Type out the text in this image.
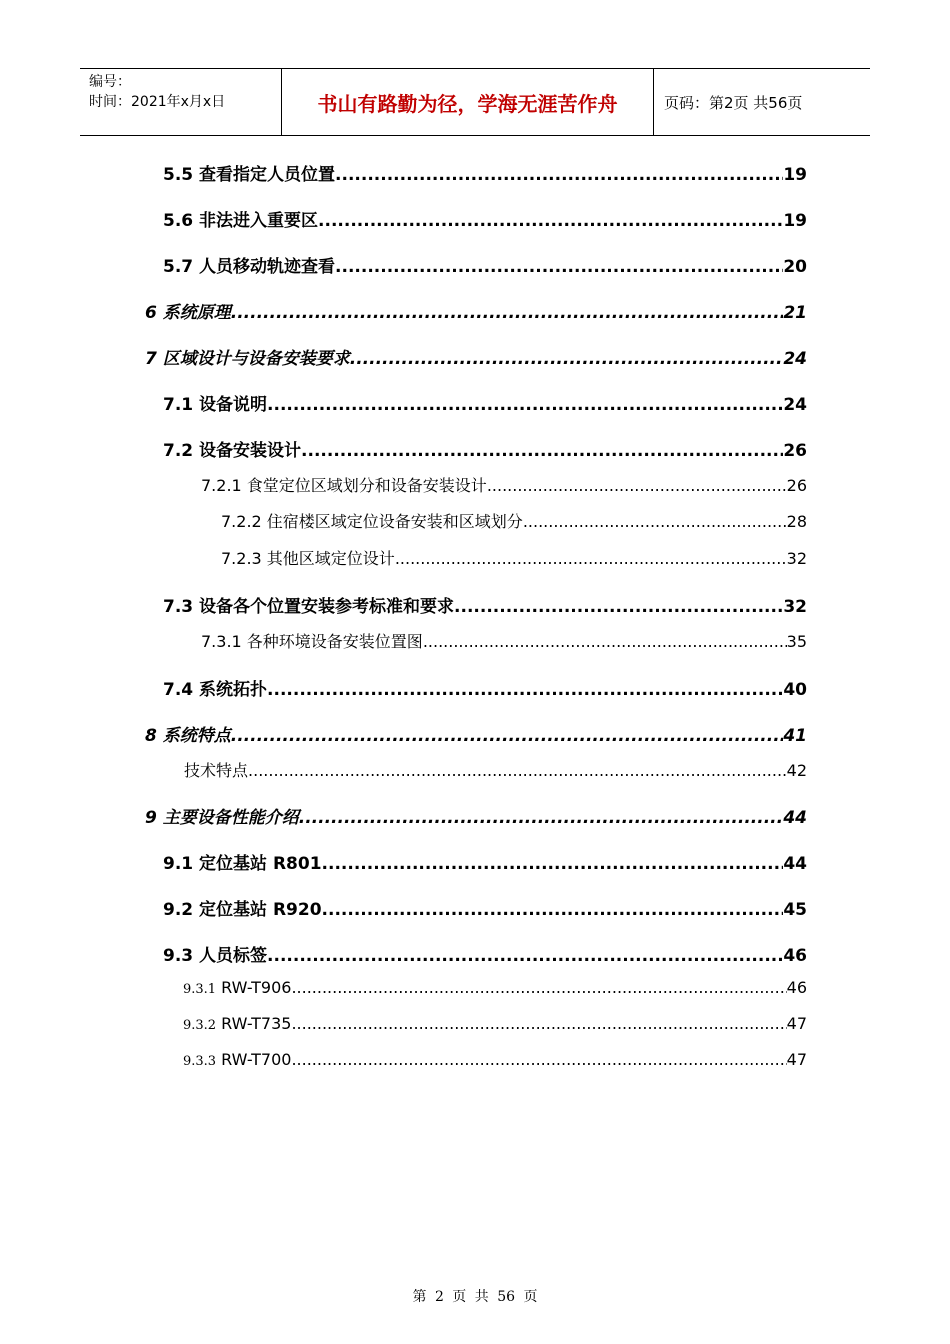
编号：
时间：2021年x月x日	书山有路勤为径，学海无涯苦作舟	页码：第2页 共56页
5.5 查看指定人员位置 .....	19
5.6 非法进入重要区 .....	19
5.7 人员移动轨迹查看 .....	20
6 系统原理 .....	21
7 区域设计与设备安装要求 .....	24
7.1 设备说明 .....	24
7.2 设备安装设计 .....	26
7.2.1 食堂定位区域划分和设备安装设计 .....	26
7.2.2 住宿楼区域定位设备安装和区域划分 .....	28
7.2.3 其他区域定位设计 .....	32
7.3 设备各个位置安装参考标准和要求 .....	32
7.3.1 各种环境设备安装位置图 .....	35
7.4 系统拓扑 .....	40
8 系统特点 .....	41
技术特点 .....	42
9 主要设备性能介绍 .....	44
9.1 定位基站 R801 .....	44
9.2 定位基站 R920 .....	45
9.3 人员标签 .....	46
9.3.1 RW-T906 .....	46
9.3.2 RW-T735 .....	47
9.3.3 RW-T700 .....	47
第 2 页 共 56 页
